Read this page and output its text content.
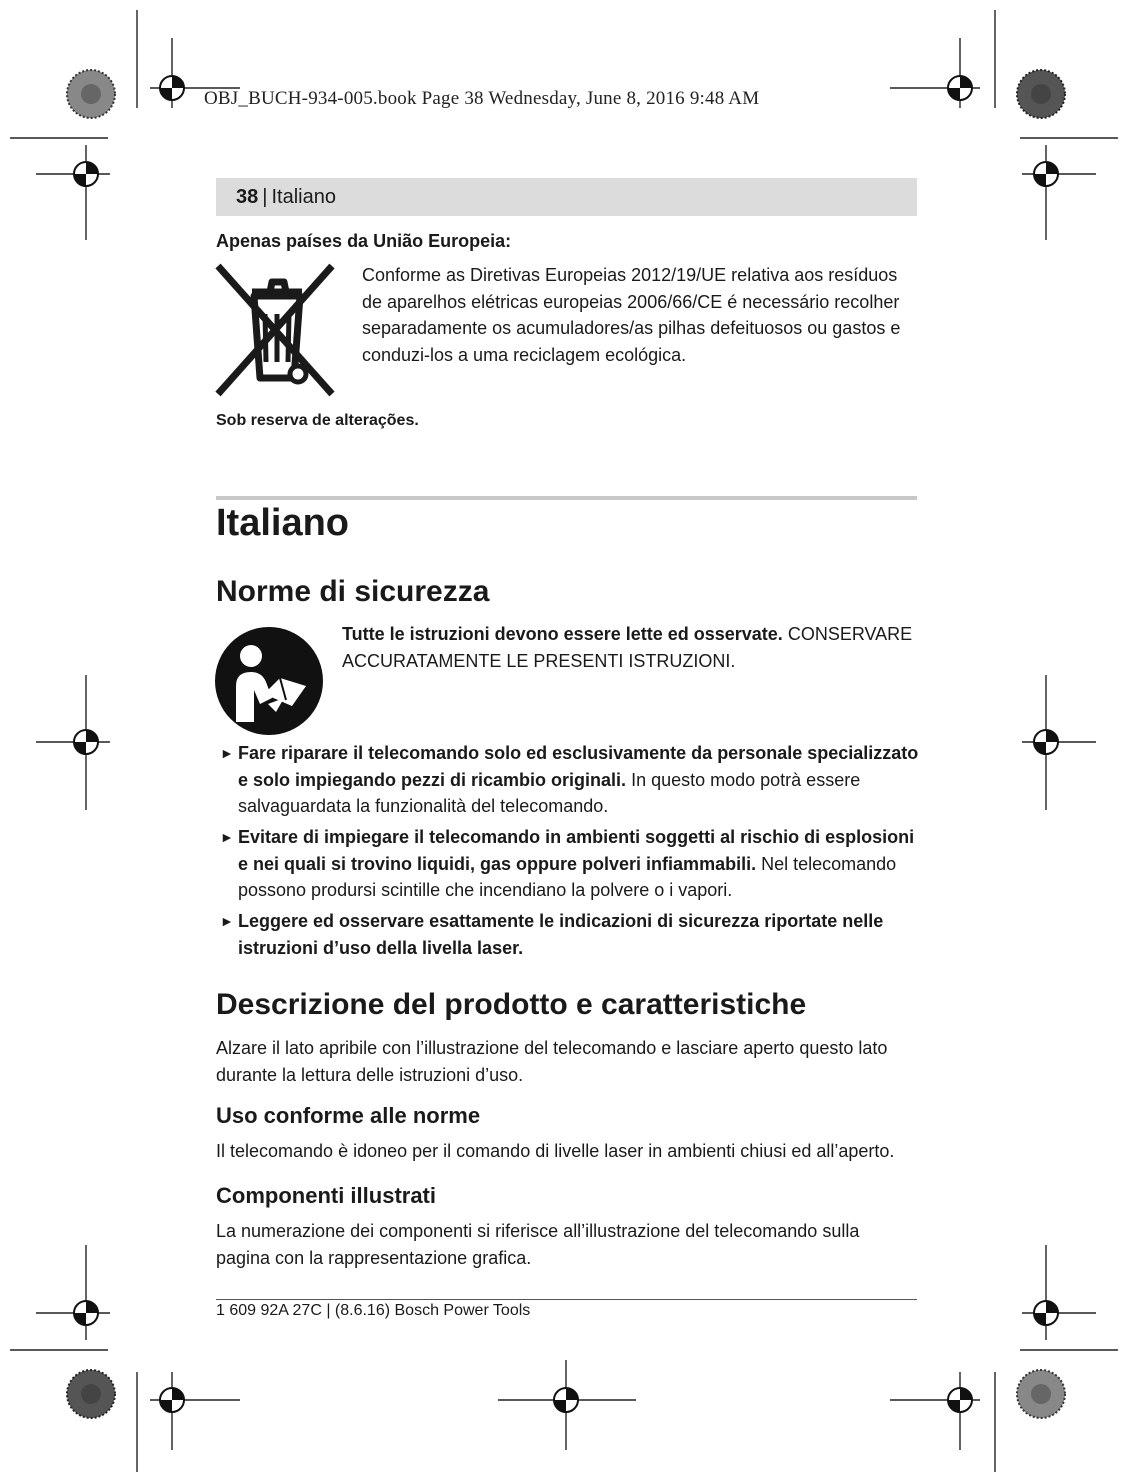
OBJ_BUCH-934-005.book Page 38 Wednesday, June 8, 2016 9:48 AM
38 | Italiano
Apenas países da União Europeia:
Conforme as Diretivas Europeias 2012/19/UE relativa aos resíduos de aparelhos elétricas europeias 2006/66/CE é necessário recolher separadamente os acumuladores/as pilhas defeituosos ou gastos e conduzi-los a uma reciclagem ecológica.
Sob reserva de alterações.
Italiano
Norme di sicurezza
Tutte le istruzioni devono essere lette ed osservate. CONSERVARE ACCURATAMENTE LE PRESENTI ISTRUZIONI.
► Fare riparare il telecomando solo ed esclusivamente da personale specializzato e solo impiegando pezzi di ricambio originali. In questo modo potrà essere salvaguardata la funzionalità del telecomando.
► Evitare di impiegare il telecomando in ambienti soggetti al rischio di esplosioni e nei quali si trovino liquidi, gas oppure polveri infiammabili. Nel telecomando possono prodursi scintille che incendiano la polvere o i vapori.
► Leggere ed osservare esattamente le indicazioni di sicurezza riportate nelle istruzioni d’uso della livella laser.
Descrizione del prodotto e caratteristiche
Alzare il lato apribile con l’illustrazione del telecomando e lasciare aperto questo lato durante la lettura delle istruzioni d’uso.
Uso conforme alle norme
Il telecomando è idoneo per il comando di livelle laser in ambienti chiusi ed all’aperto.
Componenti illustrati
La numerazione dei componenti si riferisce all’illustrazione del telecomando sulla pagina con la rappresentazione grafica.
1 609 92A 27C | (8.6.16) Bosch Power Tools
